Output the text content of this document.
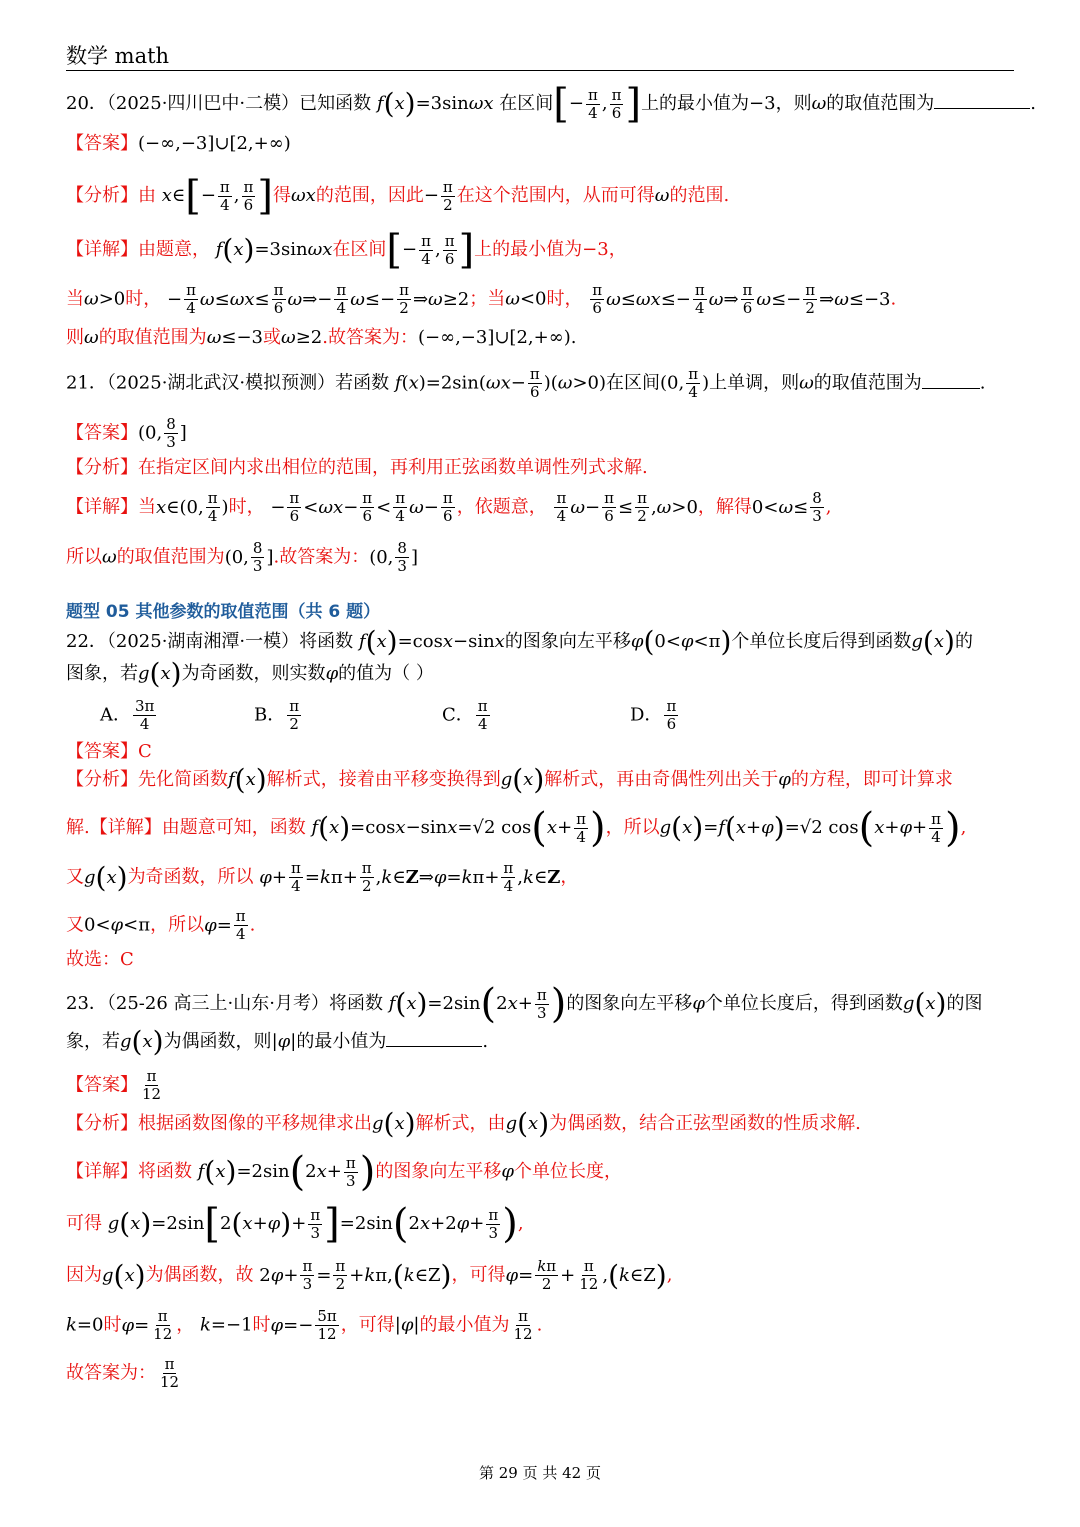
数学 math
20．（2025·四川巴中·二模）已知函数 f(x)=3sinωx 在区间[− $\frac{\pi}{4}$ , $\frac{\pi}{6}$ ]上的最小值为−3，则ω的取值范围为	.
【答案】(−∞,−3]∪[2,+∞)
【分析】由 x∈[− $\frac{\pi}{4}$ , $\frac{\pi}{6}$ ]得ωx的范围，因此− $\frac{\pi}{2}$ 在这个范围内，从而可得ω的范围.
【详解】由题意， f(x)=3sinωx在区间[− $\frac{\pi}{4}$ , $\frac{\pi}{6}$ ]上的最小值为−3，
当ω>0时， − $\frac{\pi}{4} \omega\le\omega x\le \frac{\pi}{6}$ ω⇒− $\frac{\pi}{4} \omega\le- \frac{\pi}{2}$ ⇒ω≥2；当ω<0时， $\frac{\pi}{6} \omega\le\omega x\le- \frac{\pi}{4}$ ω⇒ $\frac{\pi}{6} \omega\le- \frac{\pi}{2}$ ⇒ω≤−3.
则ω的取值范围为ω≤−3或ω≥2.故答案为：(−∞,−3]∪[2,+∞).
21．（2025·湖北武汉·模拟预测）若函数 $f(x)=2\sin(\omega x- \frac{\pi}{6} )(\omega>0)$在区间(0, $\frac{\pi}{4}$ )上单调，则ω的取值范围为	.
【答案】(0, $\frac{8}{3}$ ]
【分析】在指定区间内求出相位的范围，再利用正弦函数单调性列式求解.
【详解】当x∈(0, $\frac{\pi}{4}$ )时， − $\frac{\pi}{6} <\omega x- \frac{\pi}{6} < \frac{\pi}{4} \omega- \frac{\pi}{6}$ ，依题意， $\frac{\pi}{4} \omega- \frac{\pi}{6} \le \frac{\pi}{2} ,\omega>0$，解得$0<\omega\le \frac{8}{3}$ ,
所以ω的取值范围为(0, $\frac{8}{3}$ ].故答案为：(0, $\frac{8}{3}$ ]
题型 05 其他参数的取值范围（共 6 题）
22．（2025·湖南湘潭·一模）将函数 f(x)=cosx−sinx的图象向左平移φ(0<φ<π)个单位长度后得到函数g(x)的
图象，若g(x)为奇函数，则实数φ的值为（ ）
A． $\frac{3\pi}{4}$	B． $\frac{\pi}{2}$	C． $\frac{\pi}{4}$	D． $\frac{\pi}{6}$
【答案】C
【分析】先化简函数f(x)解析式，接着由平移变换得到g(x)解析式，再由奇偶性列出关于φ的方程，即可计算求
解.【详解】由题意可知，函数 f(x)=cosx−sinx=√2 $\cos(x+ \frac{\pi}{4}$ )，所以g(x)=f(x+φ)=√2 $\cos(x+\varphi+ \frac{\pi}{4}$ ),
又g(x)为奇函数，所以 $\varphi+ \frac{\pi}{4} =k\pi+ \frac{\pi}{2}$ ,k∈Z⇒φ=kπ+ $\frac{\pi}{4}$ ,k∈Z，
又0<φ<π，所以$\varphi= \frac{\pi}{4}$ .
故选：C
23．（25-26 高三上·山东·月考）将函数 $f(x)=2\sin(2x+ \frac{\pi}{3}$ )的图象向左平移φ个单位长度后，得到函数g(x)的图
象，若g(x)为偶函数，则|φ|的最小值为	.
【答案】 $\frac{\pi}{12}$
【分析】根据函数图像的平移规律求出g(x)解析式，由g(x)为偶函数，结合正弦型函数的性质求解.
【详解】将函数 $f(x)=2\sin(2x+ \frac{\pi}{3}$ )的图象向左平移φ个单位长度，
可得 $g(x)=2\sin[2(x+\varphi)+ \frac{\pi}{3} ]=2\sin(2x+2\varphi+ \frac{\pi}{3}$ ),
因为g(x)为偶函数，故 $2\varphi+ \frac{\pi}{3} = \frac{\pi}{2}$ +kπ,(k∈Z)，可得$\varphi= \frac{k\pi}{2} + \frac{\pi}{12}$ ,(k∈Z),
k=0时$\varphi= \frac{\pi}{12}$ ， k=−1时$\varphi=- \frac{5\pi}{12}$ ，可得|φ|的最小值为 $\frac{\pi}{12}$ .
故答案为： $\frac{\pi}{12}$
第 29 页 共 42 页
